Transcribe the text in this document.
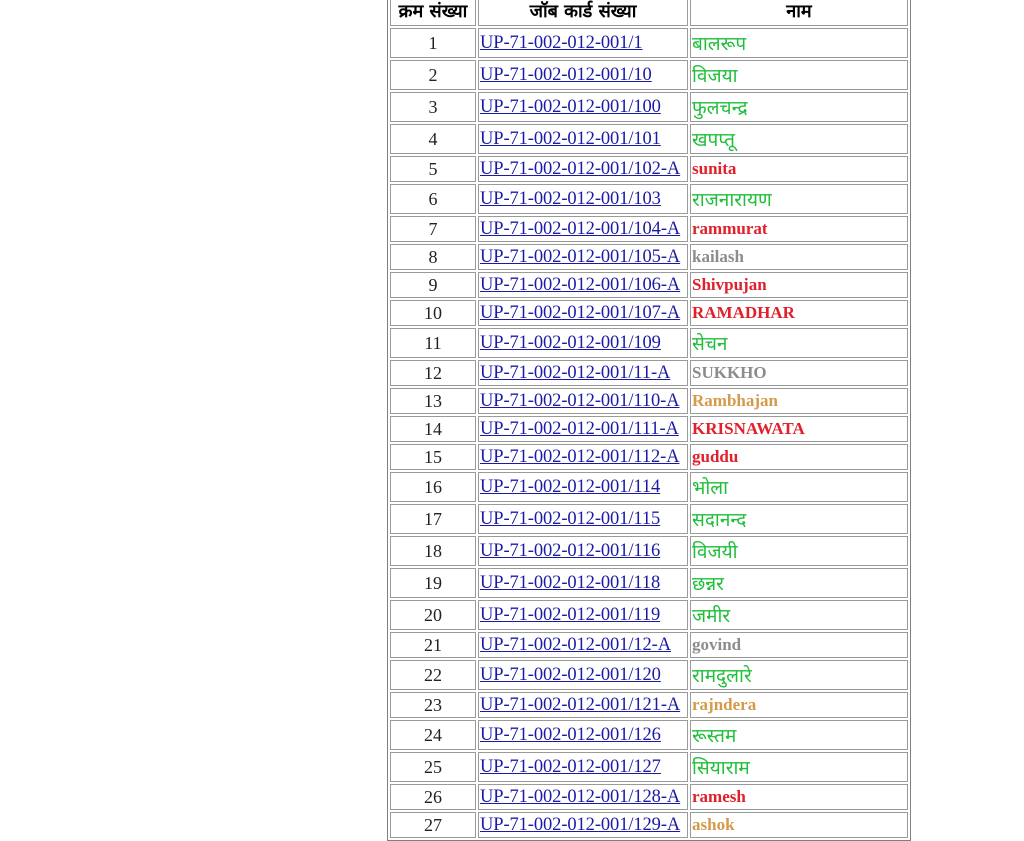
क्रम संख्या	जॉब कार्ड संख्या	नाम
1	UP-71-002-012-001/1	बालरूप
2	UP-71-002-012-001/10	विजया
3	UP-71-002-012-001/100	फुलचन्द्र
4	UP-71-002-012-001/101	खपप्तू
5	UP-71-002-012-001/102-A	sunita
6	UP-71-002-012-001/103	राजनारायण
7	UP-71-002-012-001/104-A	rammurat
8	UP-71-002-012-001/105-A	kailash
9	UP-71-002-012-001/106-A	Shivpujan
10	UP-71-002-012-001/107-A	RAMADHAR
11	UP-71-002-012-001/109	सेचन
12	UP-71-002-012-001/11-A	SUKKHO
13	UP-71-002-012-001/110-A	Rambhajan
14	UP-71-002-012-001/111-A	KRISNAWATA
15	UP-71-002-012-001/112-A	guddu
16	UP-71-002-012-001/114	भोला
17	UP-71-002-012-001/115	सदानन्द
18	UP-71-002-012-001/116	विजयी
19	UP-71-002-012-001/118	छन्नर
20	UP-71-002-012-001/119	जमीर
21	UP-71-002-012-001/12-A	govind
22	UP-71-002-012-001/120	रामदुलारे
23	UP-71-002-012-001/121-A	rajndera
24	UP-71-002-012-001/126	रूस्तम
25	UP-71-002-012-001/127	सियाराम
26	UP-71-002-012-001/128-A	ramesh
27	UP-71-002-012-001/129-A	ashok
